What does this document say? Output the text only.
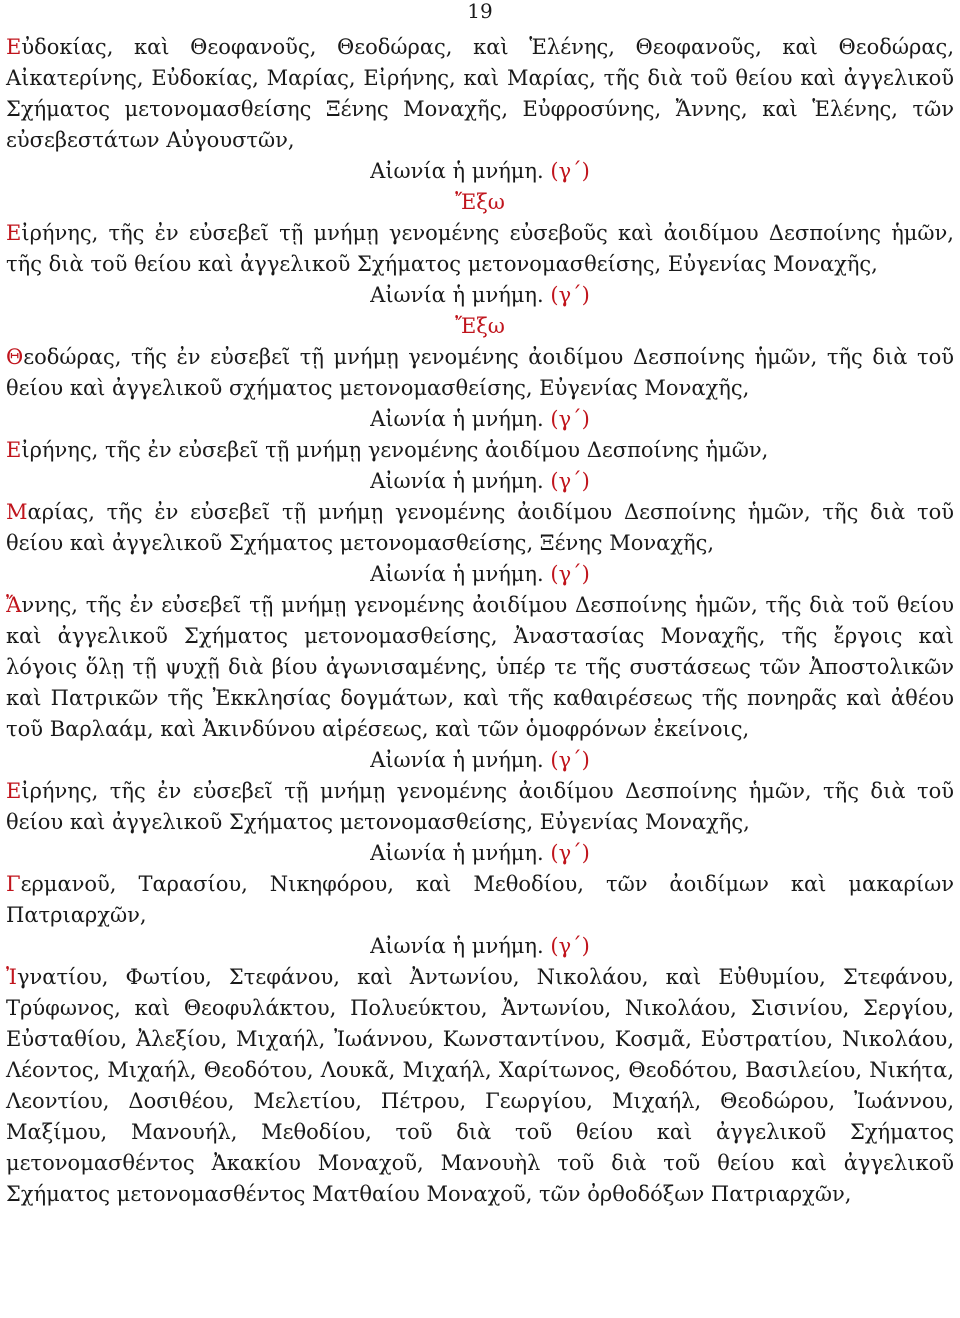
19

Εὐδοκίας, καὶ Θεοφανοῦς, Θεοδώρας, καὶ Ἑλένης, Θεοφανοῦς, καὶ Θεοδώρας, Αἰκατερίνης, Εὐδοκίας, Μαρίας, Εἰρήνης, καὶ Μαρίας, τῆς διὰ τοῦ θείου καὶ ἀγγελικοῦ Σχήματος μετονομασθείσης Ξένης Μοναχῆς, Εὐφροσύνης, Ἄννης, καὶ Ἑλένης, τῶν εὐσεβεστάτων Αὐγουστῶν,

Αἰωνία ἡ μνήμη. (γ΄)

Ἔξω

Εἰρήνης, τῆς ἐν εὐσεβεῖ τῇ μνήμῃ γενομένης εὐσεβοῦς καὶ ἀοιδίμου Δεσποίνης ἡμῶν, τῆς διὰ τοῦ θείου καὶ ἀγγελικοῦ Σχήματος μετονομασθείσης, Εὐγενίας Μοναχῆς,

Αἰωνία ἡ μνήμη. (γ΄)

Ἔξω

Θεοδώρας, τῆς ἐν εὐσεβεῖ τῇ μνήμῃ γενομένης ἀοιδίμου Δεσποίνης ἡμῶν, τῆς διὰ τοῦ θείου καὶ ἀγγελικοῦ σχήματος μετονομασθείσης, Εὐγενίας Μοναχῆς,

Αἰωνία ἡ μνήμη. (γ΄)

Εἰρήνης, τῆς ἐν εὐσεβεῖ τῇ μνήμῃ γενομένης ἀοιδίμου Δεσποίνης ἡμῶν,

Αἰωνία ἡ μνήμη. (γ΄)

Μαρίας, τῆς ἐν εὐσεβεῖ τῇ μνήμῃ γενομένης ἀοιδίμου Δεσποίνης ἡμῶν, τῆς διὰ τοῦ θείου καὶ ἀγγελικοῦ Σχήματος μετονομασθείσης, Ξένης Μοναχῆς,

Αἰωνία ἡ μνήμη. (γ΄)

Ἄννης, τῆς ἐν εὐσεβεῖ τῇ μνήμῃ γενομένης ἀοιδίμου Δεσποίνης ἡμῶν, τῆς διὰ τοῦ θείου καὶ ἀγγελικοῦ Σχήματος μετονομασθείσης, Ἀναστασίας Μοναχῆς, τῆς ἔργοις καὶ λόγοις ὅλῃ τῇ ψυχῇ διὰ βίου ἀγωνισαμένης, ὑπέρ τε τῆς συστάσεως τῶν Ἀποστολικῶν καὶ Πατρικῶν τῆς Ἐκκλησίας δογμάτων, καὶ τῆς καθαιρέσεως τῆς πονηρᾶς καὶ ἀθέου τοῦ Βαρλαάμ, καὶ Ἀκινδύνου αἱρέσεως, καὶ τῶν ὁμοφρόνων ἐκείνοις,

Αἰωνία ἡ μνήμη. (γ΄)

Εἰρήνης, τῆς ἐν εὐσεβεῖ τῇ μνήμῃ γενομένης ἀοιδίμου Δεσποίνης ἡμῶν, τῆς διὰ τοῦ θείου καὶ ἀγγελικοῦ Σχήματος μετονομασθείσης, Εὐγενίας Μοναχῆς,

Αἰωνία ἡ μνήμη. (γ΄)

Γερμανοῦ, Ταρασίου, Νικηφόρου, καὶ Μεθοδίου, τῶν ἀοιδίμων καὶ μακαρίων Πατριαρχῶν,

Αἰωνία ἡ μνήμη. (γ΄)

Ἰγνατίου, Φωτίου, Στεφάνου, καὶ Ἀντωνίου, Νικολάου, καὶ Εὐθυμίου, Στεφάνου, Τρύφωνος, καὶ Θεοφυλάκτου, Πολυεύκτου, Ἀντωνίου, Νικολάου, Σισινίου, Σεργίου, Εὐσταθίου, Ἀλεξίου, Μιχαήλ, Ἰωάννου, Κωνσταντίνου, Κοσμᾶ, Εὐστρατίου, Νικολάου, Λέοντος, Μιχαήλ, Θεοδότου, Λουκᾶ, Μιχαήλ, Χαρίτωνος, Θεοδότου, Βασιλείου, Νικήτα, Λεοντίου, Δοσιθέου, Μελετίου, Πέτρου, Γεωργίου, Μιχαήλ, Θεοδώρου, Ἰωάννου, Μαξίμου, Μανουήλ, Μεθοδίου, τοῦ διὰ τοῦ θείου καὶ ἀγγελικοῦ Σχήματος μετονομασθέντος Ἀκακίου Μοναχοῦ, Μανουὴλ τοῦ διὰ τοῦ θείου καὶ ἀγγελικοῦ Σχήματος μετονομασθέντος Ματθαίου Μοναχοῦ, τῶν ὀρθοδόξων Πατριαρχῶν,
